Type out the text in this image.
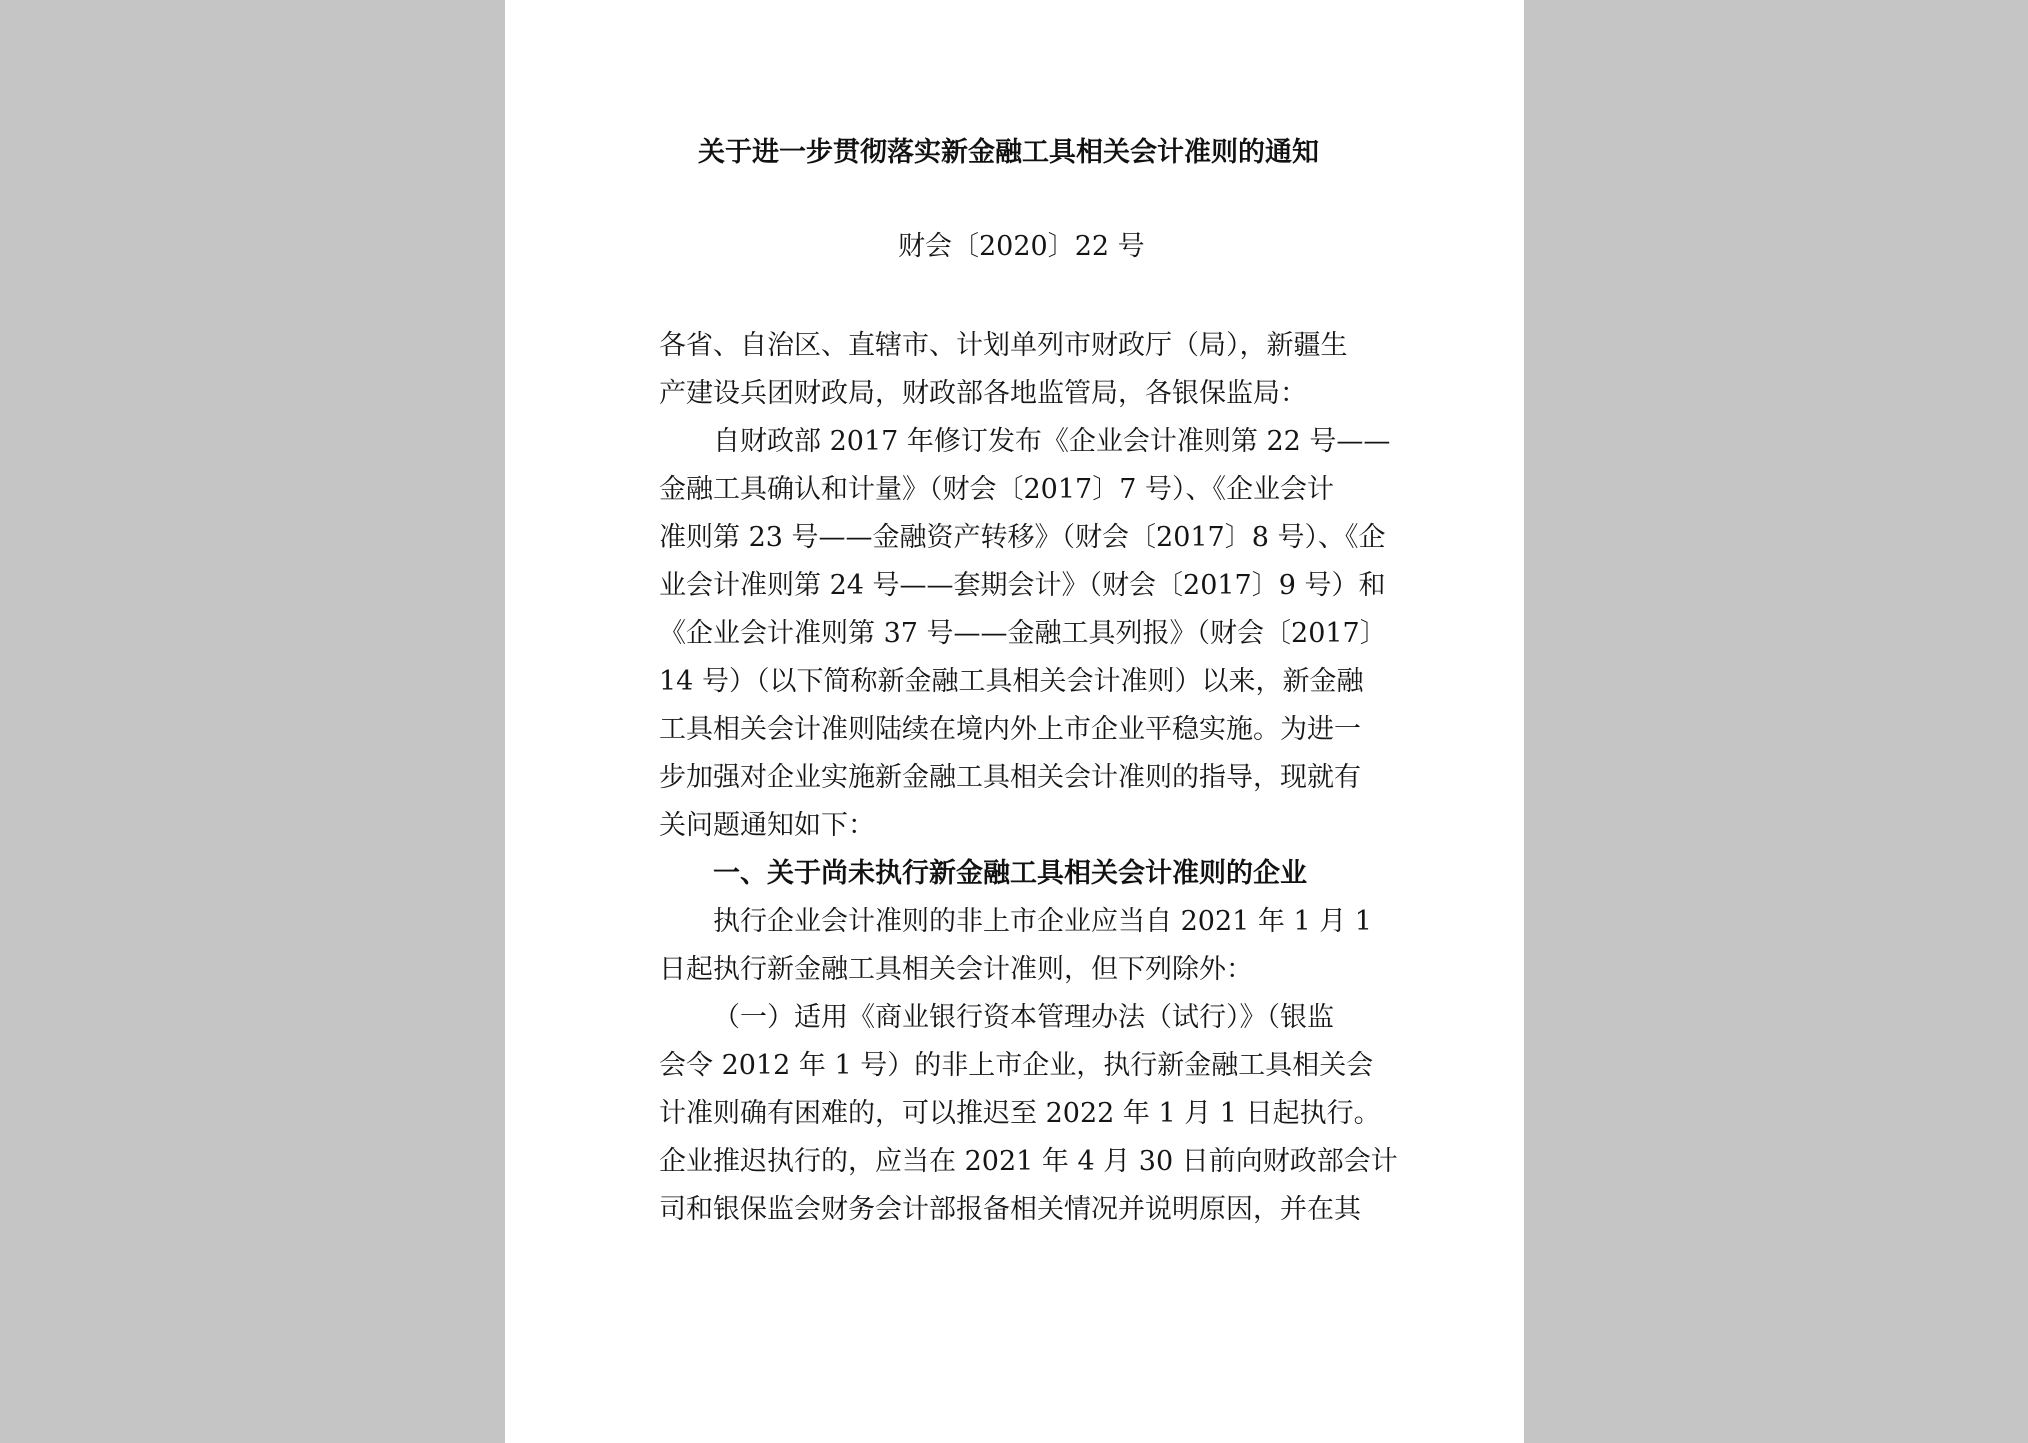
关于进一步贯彻落实新金融工具相关会计准则的通知
财会〔2020〕22 号
各省、自治区、直辖市、计划单列市财政厅（局），新疆生
产建设兵团财政局，财政部各地监管局，各银保监局：
自财政部 2017 年修订发布《企业会计准则第 22 号——
金融工具确认和计量》（财会〔2017〕7 号）、《企业会计
准则第 23 号——金融资产转移》（财会〔2017〕8 号）、《企
业会计准则第 24 号——套期会计》（财会〔2017〕9 号）和
《企业会计准则第 37 号——金融工具列报》（财会〔2017〕
14 号）（以下简称新金融工具相关会计准则）以来，新金融
工具相关会计准则陆续在境内外上市企业平稳实施。为进一
步加强对企业实施新金融工具相关会计准则的指导，现就有
关问题通知如下：
一、关于尚未执行新金融工具相关会计准则的企业
执行企业会计准则的非上市企业应当自 2021 年 1 月 1
日起执行新金融工具相关会计准则，但下列除外：
（一）适用《商业银行资本管理办法（试行）》（银监
会令 2012 年 1 号）的非上市企业，执行新金融工具相关会
计准则确有困难的，可以推迟至 2022 年 1 月 1 日起执行。
企业推迟执行的，应当在 2021 年 4 月 30 日前向财政部会计
司和银保监会财务会计部报备相关情况并说明原因，并在其
